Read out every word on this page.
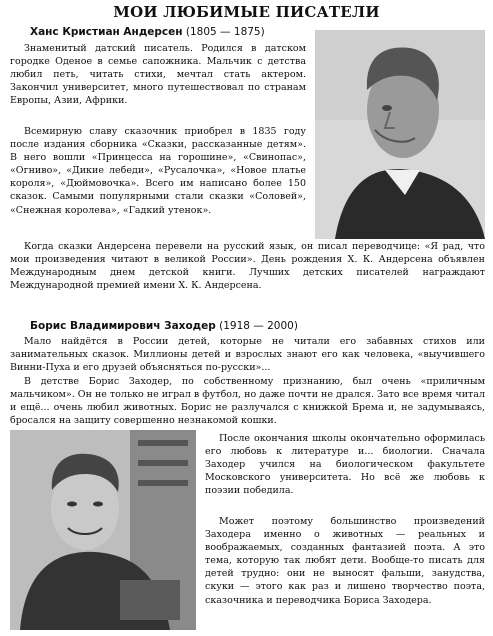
МОИ ЛЮБИМЫЕ ПИСАТЕЛИ
Ханс Кристиан Андерсен (1805 — 1875)

Знаменитый датский писатель. Родился в датском городке Оденое в семье сапожника. Мальчик с детства любил петь, читать стихи, мечтал стать актером. Закончил университет, много путешествовал по странам Европы, Азии, Африки.

Всемирную славу сказочник приобрел в 1835 году после издания сборника «Сказки, рассказанные детям». В него вошли «Принцесса на горошине», «Свинопас», «Огниво», «Дикие лебеди», «Русалочка», «Новое платье короля», «Дюймовочка». Всего им написано более 150 сказок. Самыми популярными стали сказки «Соловей», «Снежная королева», «Гадкий утенок».

Когда сказки Андерсена перевели на русский язык, он писал переводчице: «Я рад, что мои произведения читают в великой России». День рождения Х. К. Андерсена объявлен Международным днем детской книги. Лучших детских писателей награждают Международной премией имени Х. К. Андерсена.

Борис Владимирович Заходер (1918 — 2000)

Мало найдётся в России детей, которые не читали его забавных стихов или занимательных сказок. Миллионы детей и взрослых знают его как человека, «выучившего Винни-Пуха и его друзей объясняться по-русски»...

В детстве Борис Заходер, по собственному признанию, был очень «приличным мальчиком». Он не только не играл в футбол, но даже почти не дрался. Зато все время читал и ещё... очень любил животных. Борис не разлучался с книжкой Брема и, не задумываясь, бросался на защиту совершенно незнакомой кошки.

После окончания школы окончательно оформилась его любовь к литературе и... биологии. Сначала Заходер учился на биологическом факультете Московского университета. Но всё же любовь к поэзии победила.

Может поэтому большинство произведений Заходера именно о животных — реальных и воображаемых, созданных фантазией поэта. А это тема, которую так любят дети. Вообще-то писать для детей трудно: они не выносят фальши, занудства, скуки — этого как раз и лишено творчество поэта, сказочника и переводчика Бориса Заходера.
